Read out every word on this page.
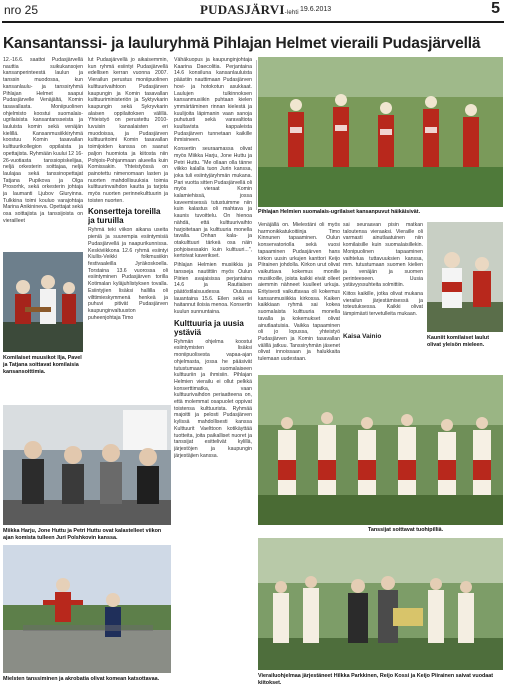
nro 25	PUDASJÄRVI-lehti 19.6.2013	5
Kansantanssi- ja lauluryhmä Pihlajan Helmet vieraili Pudasjärvellä

12.-16.6. saattoi Pudasjärvellä nauttia suikukansojen kansanperinteestä laulun ja tanssin muodossa, kun kansanlaulu- ja tanssiryhmä Pihlajan Helmet saapui Pudasjärvelle Venäjältä, Komin tasavallasta. Moniipuolinen ohjelmisto koostui suomalais-ugrilaisista kansantansseista ja lauluista komin sekä venäjän kielillä. Kansanmusiikkiryhmä koostuu Komin tasavallan kulttuurikollegion oppilaista ja opettajista. Ryhmään kuului 12 16-26-vuotiasta tanssiopiskelijaa, neljä orkesterin soittajaa, neljä laulajaa sekä tanssinopettajat Tatjana Pupikova ja Olga Prosorhk, sekä orkesterin johtaja ja laumanti Ljubov Gluryinna. Tulkkina toimi kouluo varajohtaja Marina Anikinineva. Opettajat sekä osa soittajista ja tanssijoista on vierailleet

lut Pudasjärvellä jo aikaisemmin, kun ryhmä esiintyi Pudasjärvellä edellisen kerran vuonna 2007. Vierailun perustus moniipuolinen kulttuurivaihtoon Pudasjärven kaupungin ja Komin tasavallan kulttuuriministeriön ja Syktyvkarin kaupungin sekä Sykryvkarin alaisen oppilaitoksen välillä. Yhteistyö on perustettu 2010-luvuisin kansalaisten eri muodoissa, ja Pudasjärven kulttuuritoimi Komin tasavallan toimijoiden kanssa on saanut paljon huomiota ja kiitosta niin Pohjois-Pohjanmaan alueella kuin Komissakin. Yhteistyössä on painotettu nimenomaan lasten ja nuorten mahdollisuuksia toimia kulttuurinvaihdon kautta ja tarjota myös nuorten perinnekulttuurin ja toisten nuorten.

Konsertteja toreilla ja turuilla

Ryhmä teki viikon aikana useita pieniä ja suurempia esiintymisiä Pudasjärvellä ja naapurikunnissa. Keskiviikkona 12.6 ryhmä esiintyi Kiullis-Veikki folkmusiikin festivaaleilla Jyräkoskoella. Torstaina 13.6 vuorossa oli esiintyminen Pudasjärven torilla Kotimalan kyläjuhlistyksen tovalla. Esiintyjien lisäksi hallilla oli vilttimieskymmenä henkeä ja puhuvi pitivät Pudasjärven kaupunginvaltuuston puheenjohtaja Timo

Vähäkuopus ja kaupunginjohtaja Kaarina Daecolitia. Perjantaina 14.6 konsiluna kansanlauluista päästiin nauttimaan Pudasjärven hovi- ja hotokotun asukkaat. Laulujen tulkinnoksen kansanmusiikin puhtaan kielen ymmärtäminen rinnan kielestä ja kuulijoita läpimanin vaan sanoja puhutusti sekä varavaltiota kuultavista kappaleista Pudasjärven tunnetaan kaikille ihmisineen.

Konsertin seuraamassa olivat myös Miikka Harju, Jone Huttu ja Petri Huttu. "Me ollaan olla tänne viikko kalalla tuon Jurin kanssa, joka tuli esiintyjäryhmän mukana. Pari vuotta sitten Pudasjärvellä oli myös vieraat Komin kalamiehissä, jossa kaveemisessä tutustuimme niin kuin kalastus oli mahtava ja kaunis tuvoittelu. On hienoa nähdä, että kulttuurivaihto harjoitetaan ja kulttuuria monella tavalla. Onhan kala- ja otakulttuuri tärkeä osa näin pohjoisessakin kuin kulttuuri...", kertoivat kaverikset.

Pihlajan Helmien musiikkia ja tansseja nautittiin myös Oulun Piirien avajaisissa perjantaina 14.6 ja Rautiaisen päätöstilaisuudessa Oulussa lauantaina 15.6. Eilen sekä ei haitannut iloisia menoa. Konsertin kuulun sunnuntaina.

Kulttuuria ja uusia ystäviä

Ryhmän ohjelma koostui esiintymisten lisäksi moniipuolisesta vapaa-ajan ohjelmasta, jossa he pääsivät tutustumaan suomalaiseen kulttuuriin ja ihmisiin. Pihlajan Helmien vierailu ei ollut pelkkä konserttimatka, vaan kulttuurivaihdon periaatteena on, että molemmat osapuolet oppivat toistensa kulttuurista. Ryhmää majoitti ja pelosti Pudasjärven kylissä mahdollisesti kanssa Kulttuurit Vaelttoon kotikäyttää tuotteita, joita paikalliset nuoret ja tanssijat esittelivät kylillä, järjestöjen ja kaupungin järjestäjien kanssa.

Venäjällä on. Mielestäni oli myös harmonikkatukoitiinja Timo Kinnunen tapaaminen. Oulun konservatoriolla sekä vuosi tapaaminen Pudasjärven hans kirkon uusin urkujen kanttori Keijo Piirainen johdolla. Kirkon urut olivat vaikuttava kokemus monille musiikoille, joista kaikki eivät olleet aiemmin nähneet kuulleet urkuja. Erityisesti vaikuttavaa oli kokemus kansanmusiikkia kirkossa. Kaiken kaikkiaan ryhmä sai kokea suomalaista kulttuuria monella tavalla ja kokemukset olivat ainutlaatuisia. Vaikka tapaaminen oli jo lopussa, yhteistyö Pudasjärven ja Komin tasavallan välillä jatkuu. Tanssiryhmän jäsenet olivat innoissaan ja halukkaita tulemaan uudestaan.

sai seuraavan pisin matkan taloutensa vieraaksi. Vieraille oli varmasti ainutlaatuinen niin komilaisille kuin suomalaisillekin. Monipuolinen tapaaminen vaihtelua tuttavuuksien kanssa, mm. tutustumaan suomen kielien ja venäjän ja suomen perinteeseen. Uusia ystävyyssuhteita solmittiin.

Kiitos kaikille, jotka olivat mukana vierailun järjestämisessä ja toteutuksessa. Kaikki olivat lämpimästi tervetulleita mukaan.

Kaisa Vainio
Pihlajan Helmien suomalais-ugrilaiset kansanpuvut häikäisivät.
Komilaiset muusikot Ilja, Pavel ja Tatjana soittavat komilaisia kansansoittimia.
Kauniit komilaiset laulut olivat yleisön mieleen.
Miikka Harju, Jone Huttu ja Petri Huttu ovat kalastelleet viikon ajan komista tulleen Juri Polshkovin kanssa.
Tanssijat soittavat tuohipilliä.
Mielsten tanssiminen ja akrobatia olivat komean katsottavaa.	Vierailuohjelmaa järjestäneet Hilkka Parkkinen, Reijo Kossi ja Keijo Piirainen saivat vuodaat kiitokset.
